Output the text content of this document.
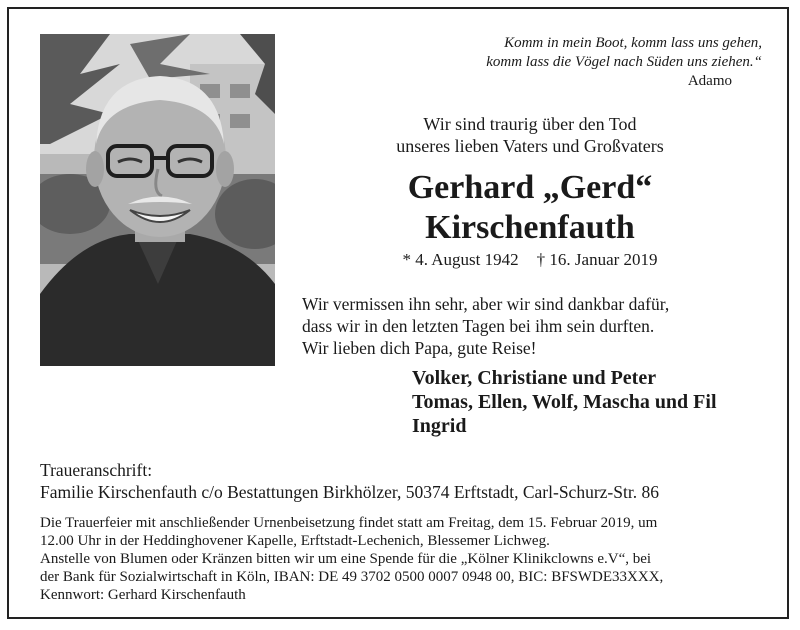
Komm in mein Boot, komm lass uns gehen,
komm lass die Vögel nach Süden uns ziehen.“
Adamo
Wir sind traurig über den Tod
unseres lieben Vaters und Großvaters
Gerhard „Gerd“
Kirschenfauth
* 4. August 1942 † 16. Januar 2019
Wir vermissen ihn sehr, aber wir sind dankbar dafür,
dass wir in den letzten Tagen bei ihm sein durften.
Wir lieben dich Papa, gute Reise!
Volker, Christiane und Peter
Tomas, Ellen, Wolf, Mascha und Fil
Ingrid
Traueranschrift:
Familie Kirschenfauth c/o Bestattungen Birkhölzer, 50374 Erftstadt, Carl-Schurz-Str. 86
Die Trauerfeier mit anschließender Urnenbeisetzung findet statt am Freitag, dem 15. Februar 2019, um
12.00 Uhr in der Heddinghovener Kapelle, Erftstadt-Lechenich, Blessemer Lichweg.
Anstelle von Blumen oder Kränzen bitten wir um eine Spende für die „Kölner Klinikclowns e.V“, bei
der Bank für Sozialwirtschaft in Köln, IBAN: DE 49 3702 0500 0007 0948 00, BIC: BFSWDE33XXX,
Kennwort: Gerhard Kirschenfauth
